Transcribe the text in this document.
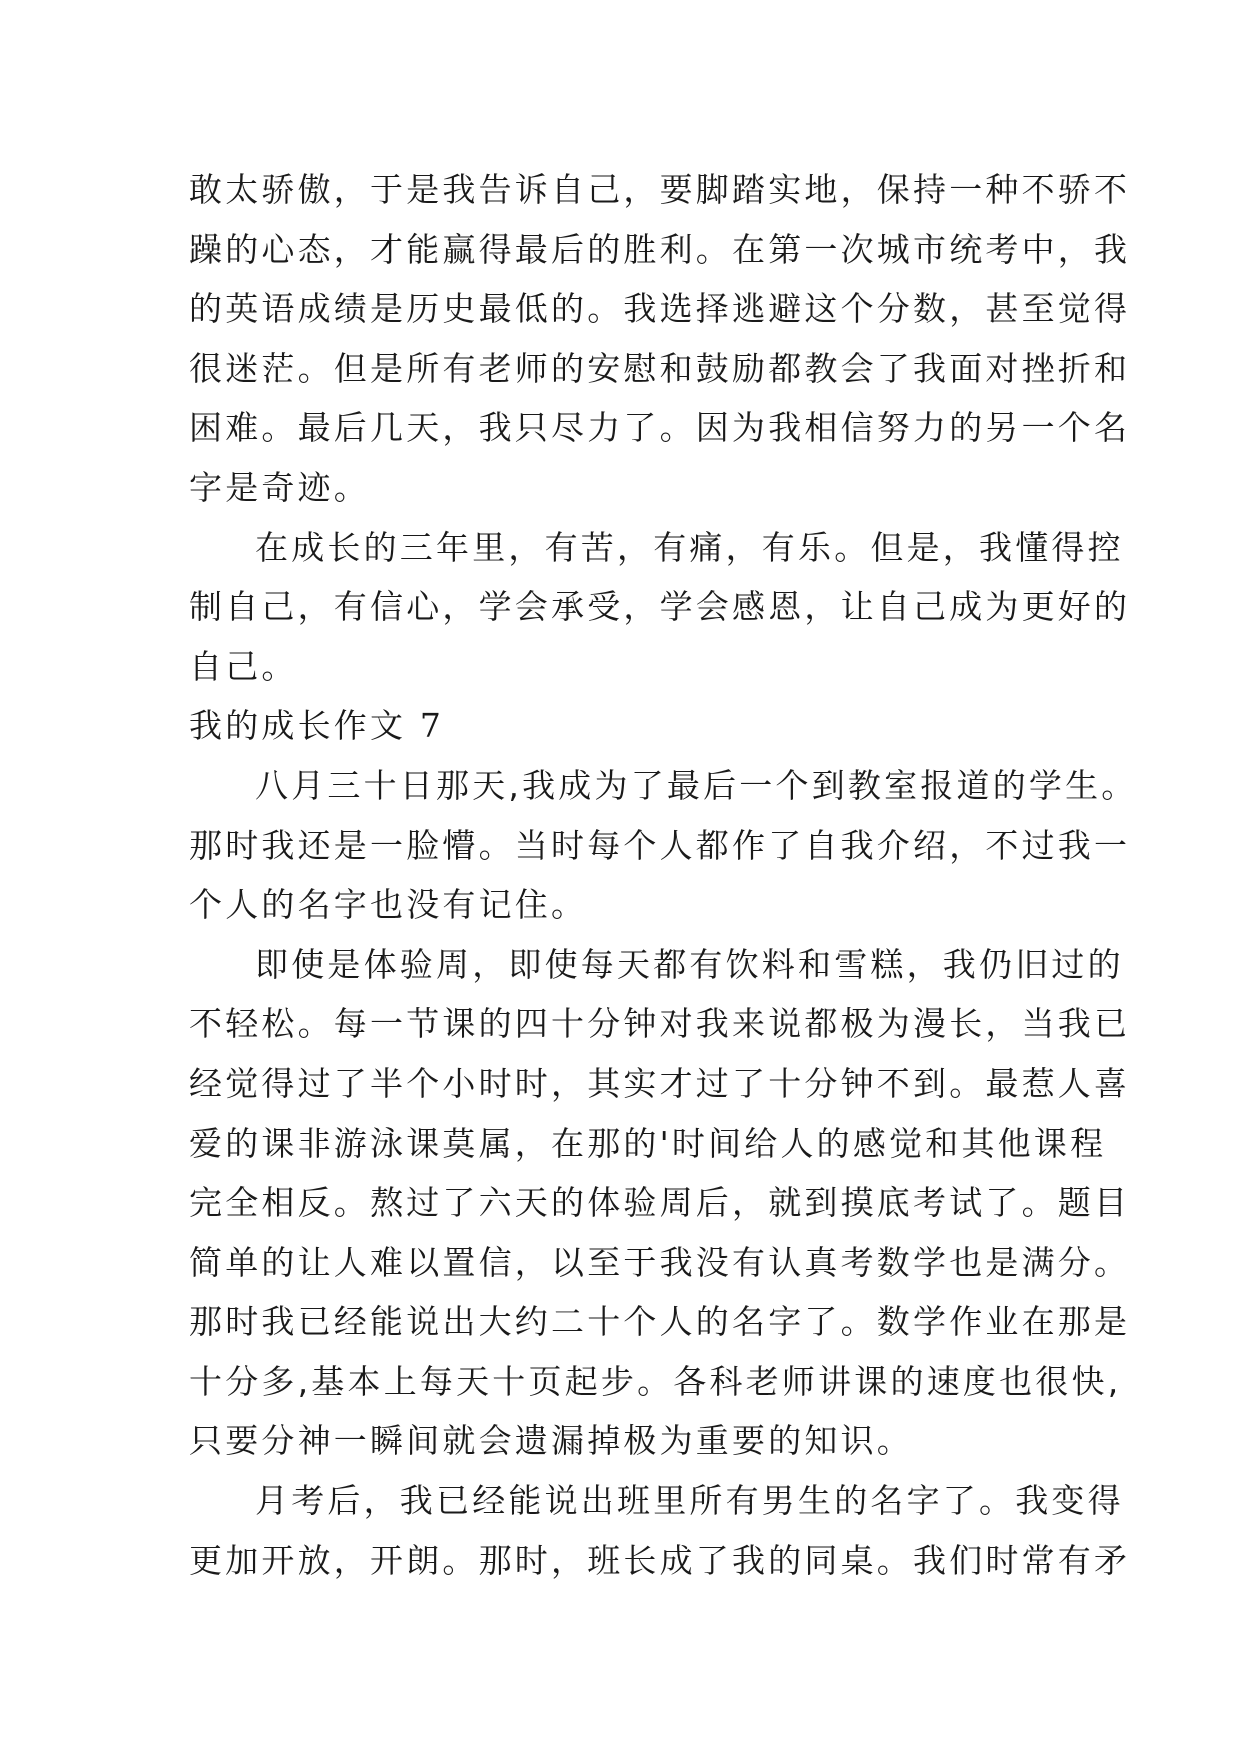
敢太骄傲，于是我告诉自己，要脚踏实地，保持一种不骄不
躁的心态，才能赢得最后的胜利。在第一次城市统考中，我
的英语成绩是历史最低的。我选择逃避这个分数，甚至觉得
很迷茫。但是所有老师的安慰和鼓励都教会了我面对挫折和
困难。最后几天，我只尽力了。因为我相信努力的另一个名
字是奇迹。
在成长的三年里，有苦，有痛，有乐。但是，我懂得控
制自己，有信心，学会承受，学会感恩，让自己成为更好的
自己。
我的成长作文 7
八月三十日那天,我成为了最后一个到教室报道的学生。
那时我还是一脸懵。当时每个人都作了自我介绍，不过我一
个人的名字也没有记住。
即使是体验周，即使每天都有饮料和雪糕，我仍旧过的
不轻松。每一节课的四十分钟对我来说都极为漫长，当我已
经觉得过了半个小时时，其实才过了十分钟不到。最惹人喜
爱的课非游泳课莫属，在那的'时间给人的感觉和其他课程
完全相反。熬过了六天的体验周后，就到摸底考试了。题目
简单的让人难以置信，以至于我没有认真考数学也是满分。
那时我已经能说出大约二十个人的名字了。数学作业在那是
十分多,基本上每天十页起步。各科老师讲课的速度也很快,
只要分神一瞬间就会遗漏掉极为重要的知识。
月考后，我已经能说出班里所有男生的名字了。我变得
更加开放，开朗。那时，班长成了我的同桌。我们时常有矛
